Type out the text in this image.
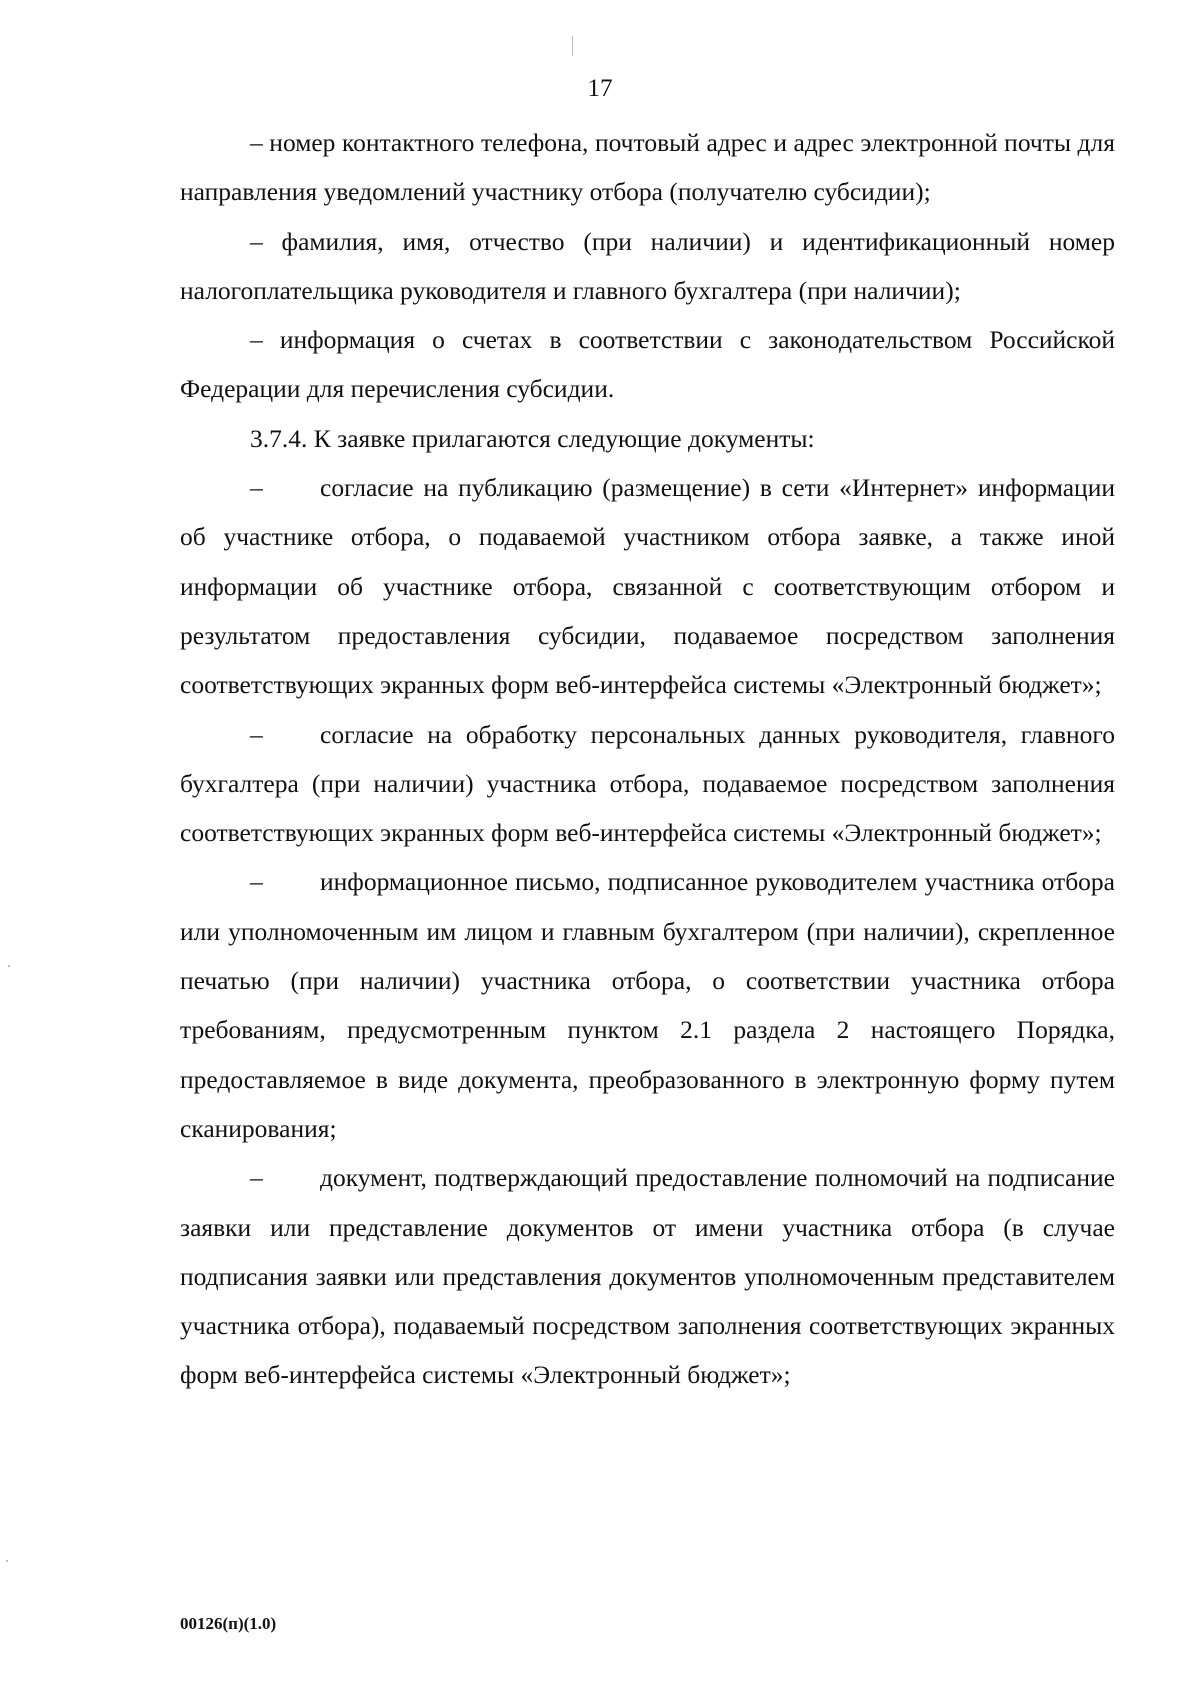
17

– номер контактного телефона, почтовый адрес и адрес электронной почты для направления уведомлений участнику отбора (получателю субсидии);

– фамилия, имя, отчество (при наличии) и идентификационный номер налогоплательщика руководителя и главного бухгалтера (при наличии);

– информация о счетах в соответствии с законодательством Российской Федерации для перечисления субсидии.

3.7.4. К заявке прилагаются следующие документы:

– согласие на публикацию (размещение) в сети «Интернет» информации об участнике отбора, о подаваемой участником отбора заявке, а также иной информации об участнике отбора, связанной с соответствующим отбором и результатом предоставления субсидии, подаваемое посредством заполнения соответствующих экранных форм веб-интерфейса системы «Электронный бюджет»;

– согласие на обработку персональных данных руководителя, главного бухгалтера (при наличии) участника отбора, подаваемое посредством заполнения соответствующих экранных форм веб-интерфейса системы «Электронный бюджет»;

– информационное письмо, подписанное руководителем участника отбора или уполномоченным им лицом и главным бухгалтером (при наличии), скрепленное печатью (при наличии) участника отбора, о соответствии участника отбора требованиям, предусмотренным пунктом 2.1 раздела 2 настоящего Порядка, предоставляемое в виде документа, преобразованного в электронную форму путем сканирования;

– документ, подтверждающий предоставление полномочий на подписание заявки или представление документов от имени участника отбора (в случае подписания заявки или представления документов уполномоченным представителем участника отбора), подаваемый посредством заполнения соответствующих экранных форм веб-интерфейса системы «Электронный бюджет»;

00126(п)(1.0)
